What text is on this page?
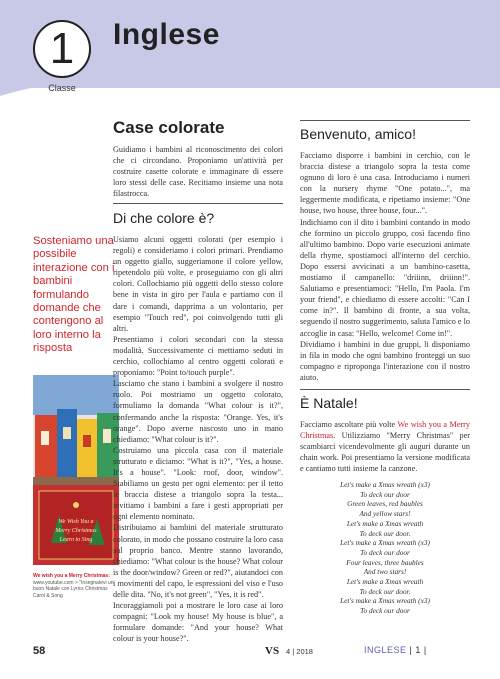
1
Classe
Inglese
Sosteniamo una possibile interazione con i bambini formulando domande che contengono al loro interno la risposta
We Wish You a
Merry Christmas
Learn to Sing
We wish you a Merry Christmas: www.youtube.com > "Insegnatevi un buon Natale con Lyrics Christmas Carol & Song
Case colorate

Guidiamo i bambini al riconoscimento dei colori che ci circondano. Proponiamo un'attività per costruire casette colorate e immaginare di essere loro stessi delle case. Recitiamo insieme una nota filastrocca.

Di che colore è?

Usiamo alcuni oggetti colorati (per esempio i regoli) e consideriamo i colori primari. Prendiamo un oggetto giallo, suggeriamone il colore yellow, ripetendolo più volte, e proseguiamo con gli altri colori. Collochiamo più oggetti dello stesso colore bene in vista in giro per l'aula e partiamo con il dare i comandi, dapprima a un volontario, per esempio "Touch red", poi coinvolgendo tutti gli altri.

Presentiamo i colori secondari con la stessa modalità. Successivamente ci mettiamo seduti in cerchio, collochiamo al centro oggetti colorati e proponiamo: "Point to/touch purple".

Lasciamo che stano i bambini a svolgere il nostro ruolo. Poi mostriamo un oggetto colorato, formuliamo la domanda "What colour is it?", confermando anche la risposta: "Orange. Yes, it's orange". Dopo averne nascosto uno in mano chiediamo: "What colour is it?".

Costruiamo una piccola casa con il materiale strutturato e diciamo: "What is it?", "Yes, a house. It's a house". "Look: roof, door, window". Stabiliamo un gesto per ogni elemento: per il tetto le braccia distese a triangolo sopra la testa... invitiamo i bambini a fare i gesti appropriati per ogni elemento nominato.

Distribuiamo ai bambini del materiale strutturato colorato, in modo che possano costruire la loro casa sul proprio banco. Mentre stanno lavorando, chiediamo: "What colour is the house? What colour is the door/window? Green or red?", aiutandoci con i movimenti del capo, le espressioni del viso e l'uso delle dita. "No, it's not green", "Yes, it is red".

Incoraggiamoli poi a mostrare le loro case ai loro compagni: "Look my house! My house is blue", a formulare domande: "And your house? What colour is your house?".

Benvenuto, amico!

Facciamo disporre i bambini in cerchio, con le braccia distese a triangolo sopra la testa come ognuno di loro è una casa. Introduciamo i numeri con la nursery rhyme "One potato...", ma leggermente modificata, e ripetiamo insieme: "One house, two house, three house, four...".

Indichiamo con il dito i bambini contando in modo che formino un piccolo gruppo, così facendo fino all'ultimo bambino. Dopo varie esecuzioni animate della rhyme, spostiamoci all'interno del cerchio. Dopo essersi avvicinati a un bambino-casetta, mostiamo il campanello: "driiinn, driiinn!". Salutiamo e presentiamoci: "Hello, I'm Paola. I'm your friend", e chiediamo di essere accolti: "Can I come in?". Il bambino di fronte, a sua volta, seguendo il nostro suggerimento, saluta l'amico e lo accoglie in casa: "Hello, welcome! Come in!".

Dividiamo i bambini in due gruppi, li disponiamo in fila in modo che ogni bambino fronteggi un suo compagno e riproponga l'interazione con il nostro aiuto.

È Natale!

Facciamo ascoltare più volte We wish you a Merry Christmas. Utilizziamo "Merry Christmas" per scambiarci vicendevolmente gli auguri durante un chain work. Poi presentiamo la versione modificata e cantiamo tutti insieme la canzone.

Let's make a Xmas wreath (x3)
To deck our door
Green leaves, red baubles
And yellow stars!
Let's make a Xmas wreath
To deck our door.
Let's make a Xmas wreath (x3)
To deck our door
Four leaves, three baubles
And two stars!
Let's make a Xmas wreath
To deck our door.
Let's make a Xmas wreath (x3)
To deck our door
58	VS 4 | 2018	INGLESE | 1 |
